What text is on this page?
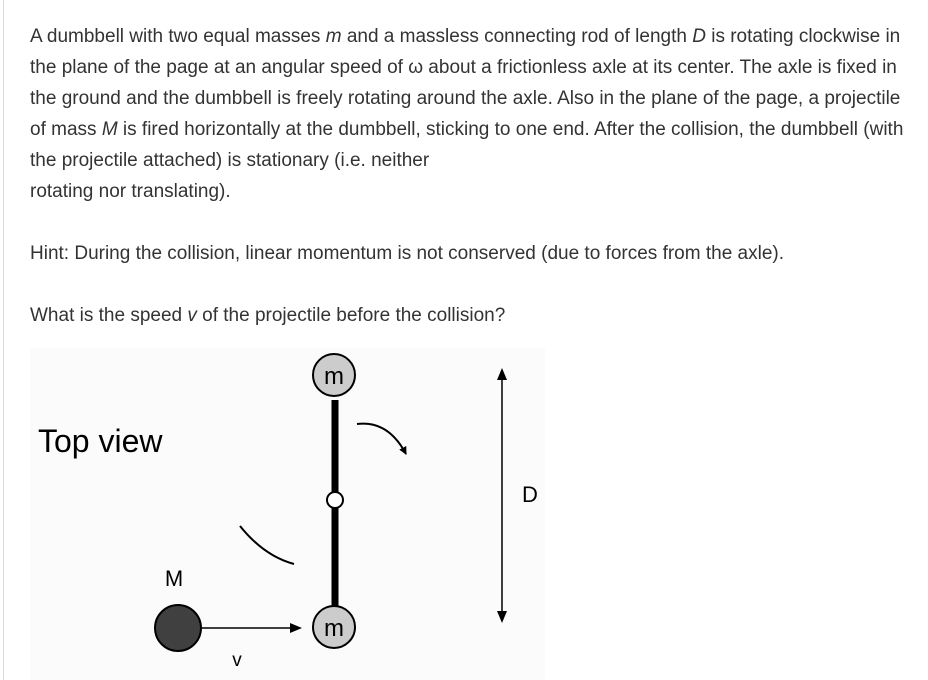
A dumbbell with two equal masses m and a massless connecting rod of length D is rotating clockwise in the plane of the page at an angular speed of ω about a frictionless axle at its center. The axle is fixed in the ground and the dumbbell is freely rotating around the axle. Also in the plane of the page, a projectile of mass M is fired horizontally at the dumbbell, sticking to one end. After the collision, the dumbbell (with the projectile attached) is stationary (i.e. neither
rotating nor translating).

Hint: During the collision, linear momentum is not conserved (due to forces from the axle).

What is the speed v of the projectile before the collision?

Top view
m
m
D
M
v
